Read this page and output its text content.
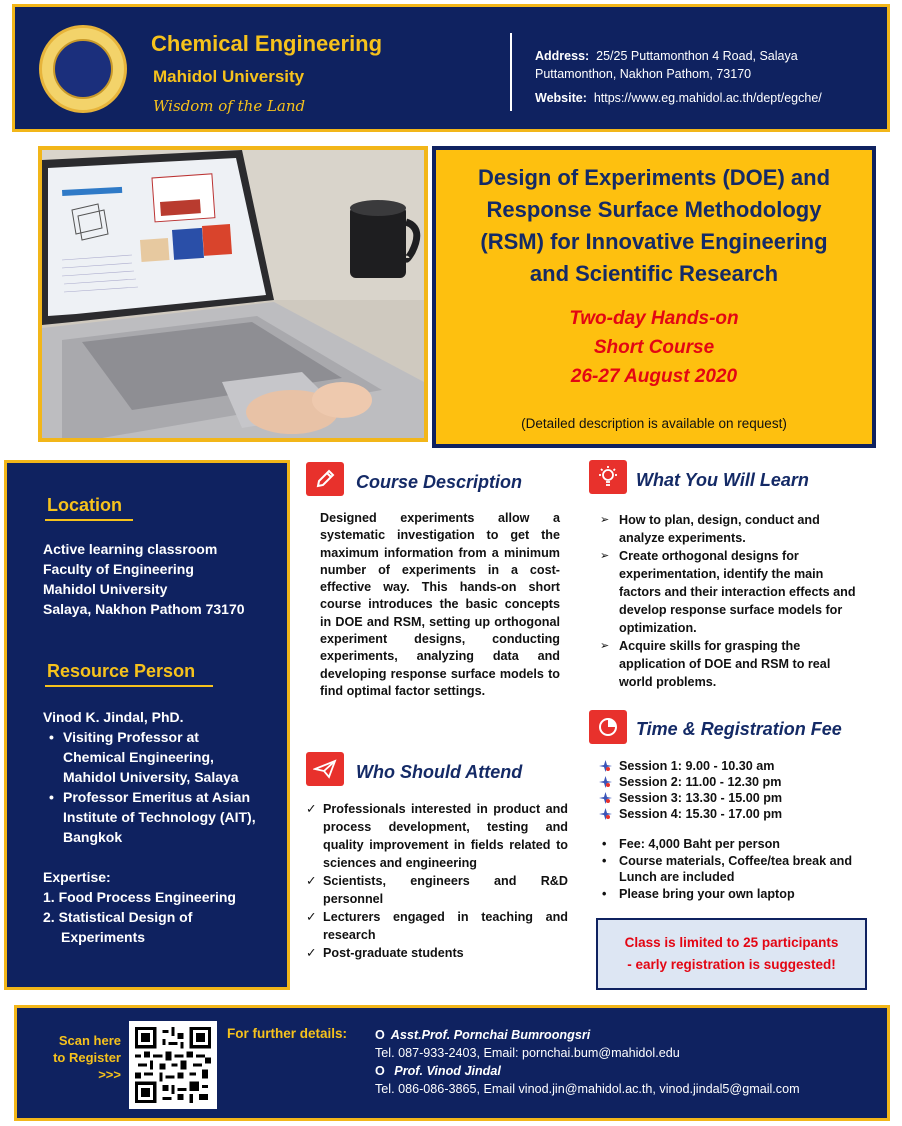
Chemical Engineering
Mahidol University
Wisdom of the Land
Address: 25/25 Puttamonthon 4 Road, Salaya
Puttamonthon, Nakhon Pathom, 73170
Website: https://www.eg.mahidol.ac.th/dept/egche/
Design of Experiments (DOE) and
Response Surface Methodology
(RSM) for Innovative Engineering
and Scientific Research
Two-day Hands-on
Short Course
26-27 August 2020
(Detailed description is available on request)
Location
Active learning classroom
Faculty of Engineering
Mahidol University
Salaya, Nakhon Pathom 73170
Resource Person
Vinod K. Jindal, PhD.
• Visiting Professor at
Chemical Engineering,
Mahidol University, Salaya
• Professor Emeritus at Asian
Institute of Technology (AIT),
Bangkok
Expertise:
1. Food Process Engineering
2. Statistical Design of
Experiments
Course Description
Designed experiments allow a systematic investigation to get the maximum information from a minimum number of experiments in a cost-effective way. This hands-on short course introduces the basic concepts in DOE and RSM, setting up orthogonal experiment designs, conducting experiments, analyzing data and developing response surface models to find optimal factor settings.
Who Should Attend
✓ Professionals interested in product and process development, testing and quality improvement in fields related to sciences and engineering
✓ Scientists, engineers and R&D personnel
✓ Lecturers engaged in teaching and research
✓ Post-graduate students
What You Will Learn
➢ How to plan, design, conduct and analyze experiments.
➢ Create orthogonal designs for experimentation, identify the main factors and their interaction effects and develop response surface models for optimization.
➢ Acquire skills for grasping the application of DOE and RSM to real world problems.
Time & Registration Fee
Session 1: 9.00 - 10.30 am
Session 2: 11.00 - 12.30 pm
Session 3: 13.30 - 15.00 pm
Session 4: 15.30 - 17.00 pm
• Fee: 4,000 Baht per person
• Course materials, Coffee/tea break and Lunch are included
• Please bring your own laptop
Class is limited to 25 participants
- early registration is suggested!
Scan here
to Register
>>>
For further details: O Asst.Prof. Pornchai Bumroongsri
Tel. 087-933-2403, Email: pornchai.bum@mahidol.edu
O Prof. Vinod Jindal
Tel. 086-086-3865, Email vinod.jin@mahidol.ac.th, vinod.jindal5@gmail.com
